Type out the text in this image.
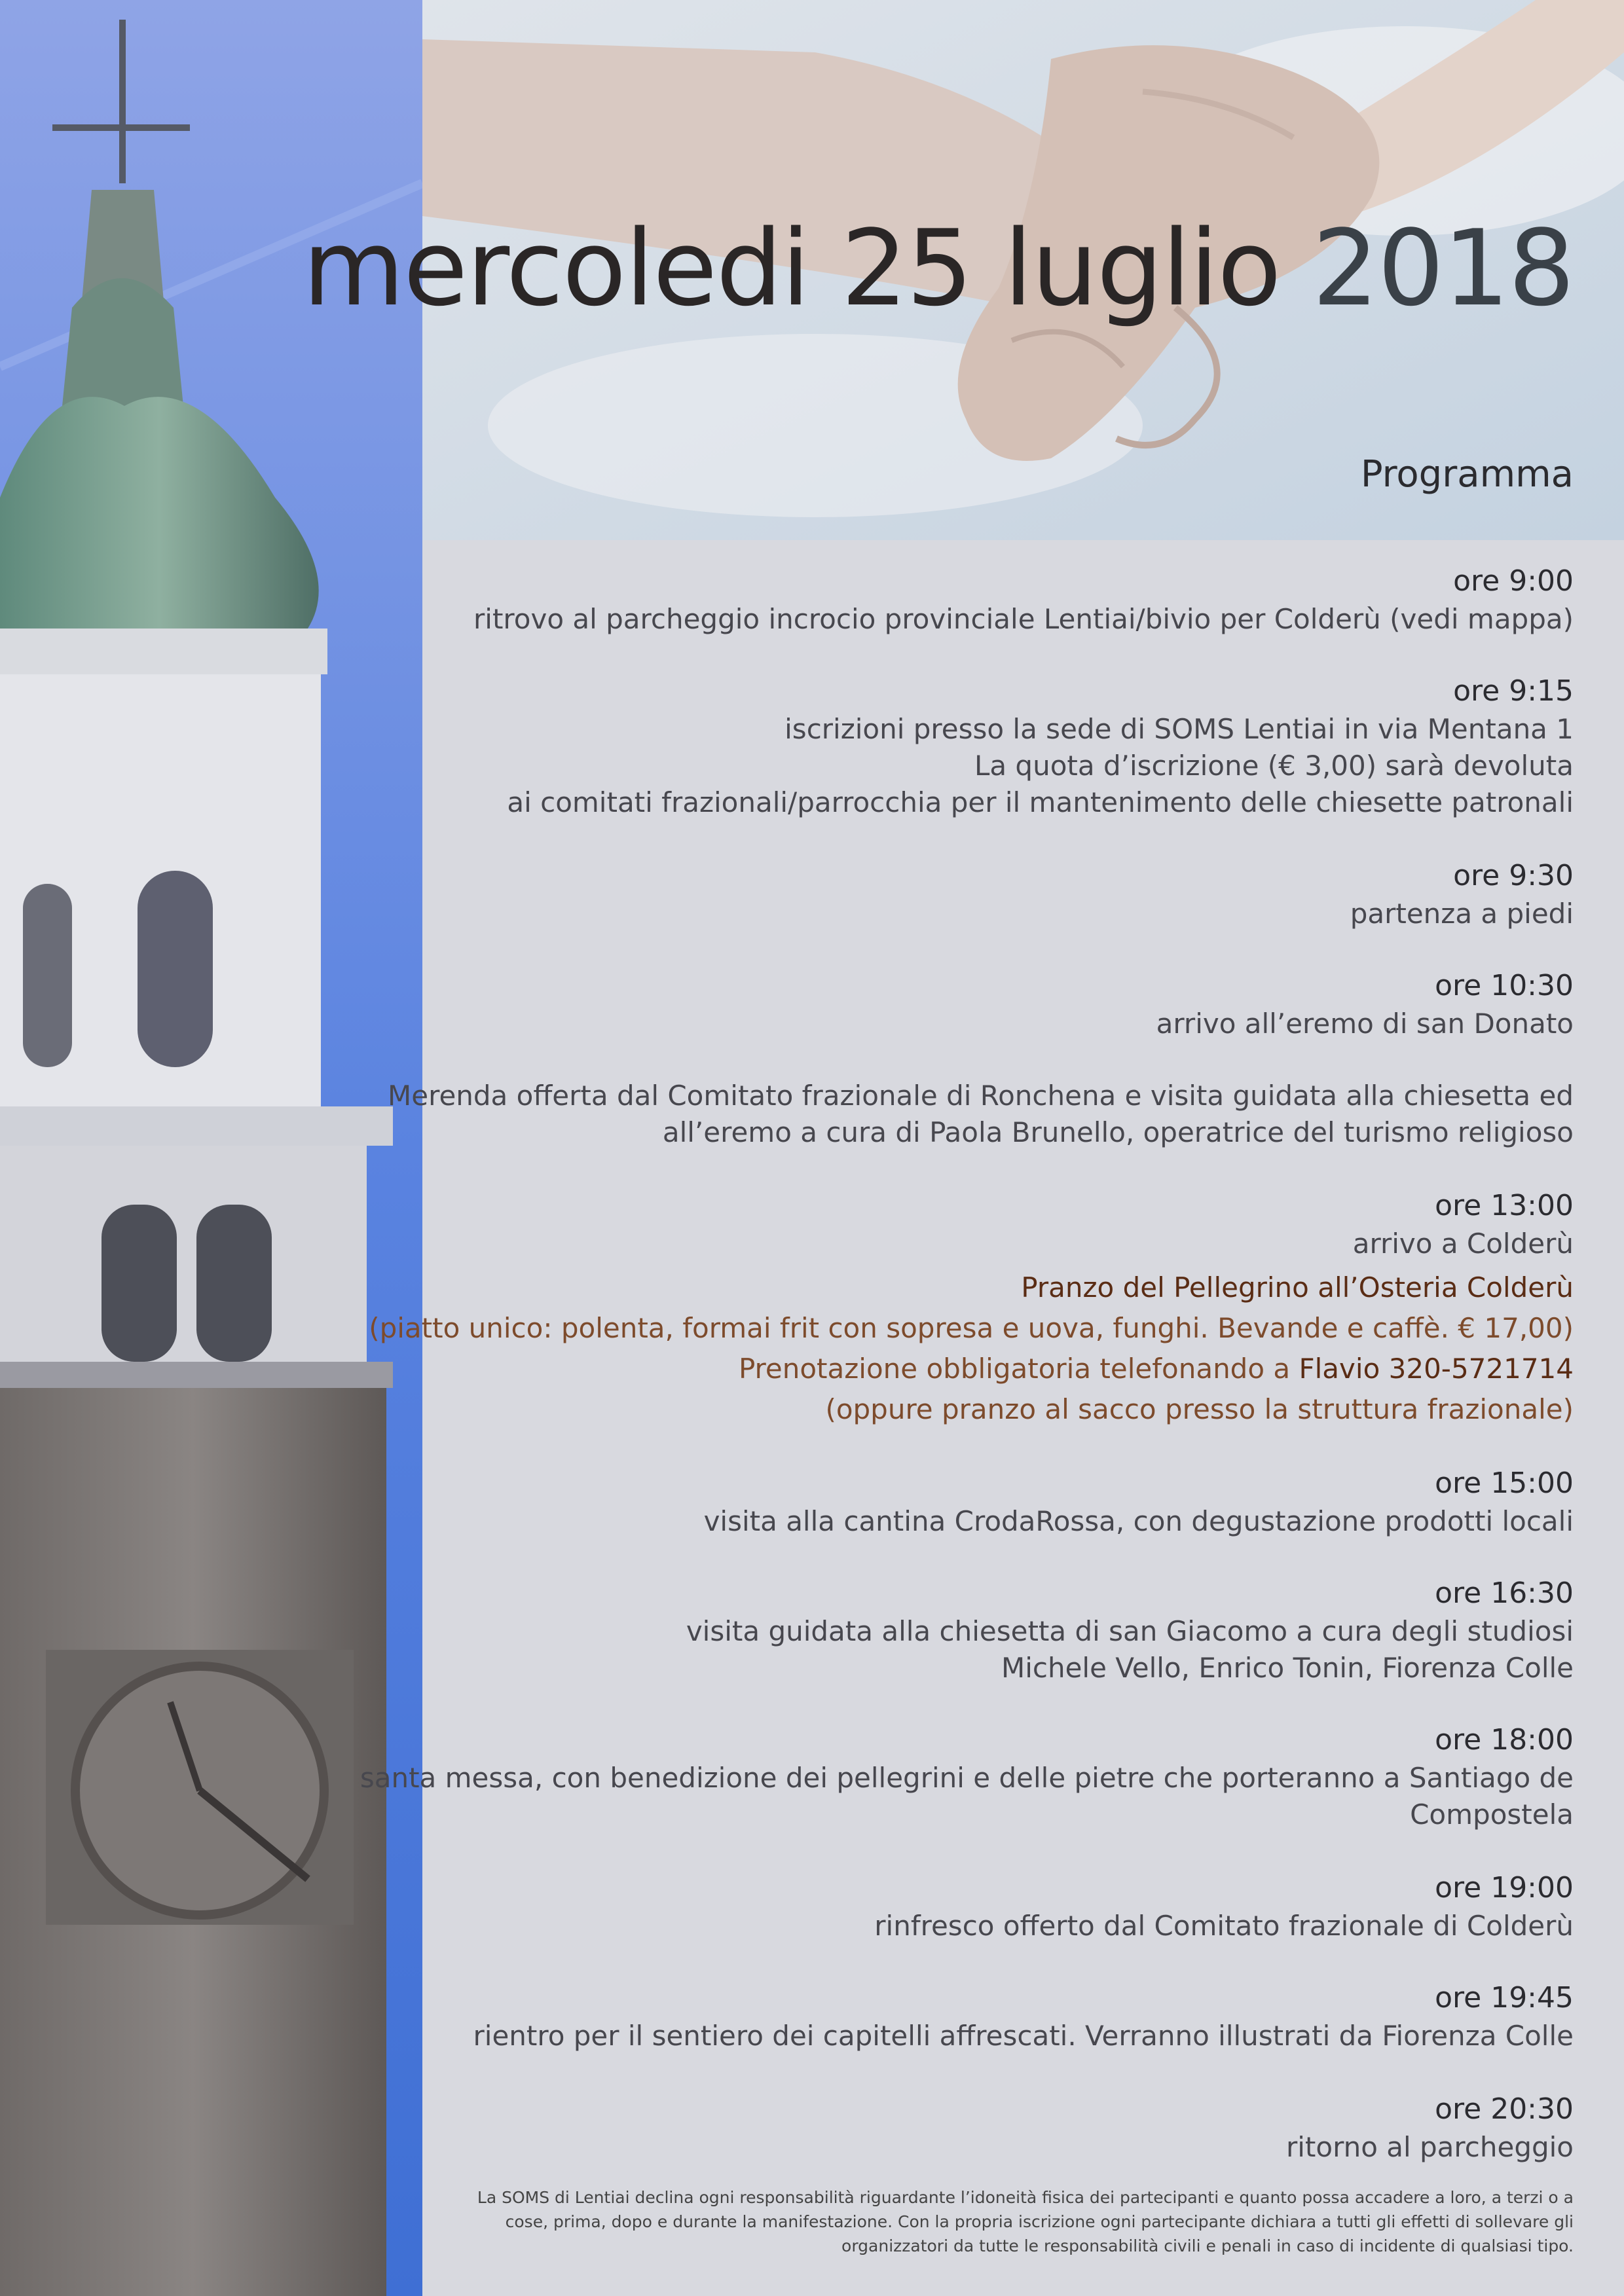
mercoledi 25 luglio 2018
Programma
ore 9:00
ritrovo al parcheggio incrocio provinciale Lentiai/bivio per Colderù (vedi mappa)
ore 9:15
iscrizioni presso la sede di SOMS Lentiai in via Mentana 1
La quota d’iscrizione (€ 3,00) sarà devoluta
ai comitati frazionali/parrocchia per il mantenimento delle chiesette patronali
ore 9:30
partenza a piedi
ore 10:30
arrivo all’eremo di san Donato
Merenda offerta dal Comitato frazionale di Ronchena e visita guidata alla chiesetta ed
all’eremo a cura di Paola Brunello, operatrice del turismo religioso
ore 13:00
arrivo a Colderù
Pranzo del Pellegrino all’Osteria Colderù
(piatto unico: polenta, formai frit con sopresa e uova, funghi. Bevande e caffè. € 17,00)
Prenotazione obbligatoria telefonando a Flavio 320-5721714
(oppure pranzo al sacco presso la struttura frazionale)
ore 15:00
visita alla cantina CrodaRossa, con degustazione prodotti locali
ore 16:30
visita guidata alla chiesetta di san Giacomo a cura degli studiosi
Michele Vello, Enrico Tonin, Fiorenza Colle
ore 18:00
santa messa, con benedizione dei pellegrini e delle pietre che porteranno a Santiago de
Compostela
ore 19:00
rinfresco offerto dal Comitato frazionale di Colderù
ore 19:45
rientro per il sentiero dei capitelli affrescati. Verranno illustrati da Fiorenza Colle
ore 20:30
ritorno al parcheggio
La SOMS di Lentiai declina ogni responsabilità riguardante l’idoneità fisica dei partecipanti e quanto possa accadere a loro, a terzi o a cose, prima, dopo e durante la manifestazione. Con la propria iscrizione ogni partecipante dichiara a tutti gli effetti di sollevare gli organizzatori da tutte le responsabilità civili e penali in caso di incidente di qualsiasi tipo.
